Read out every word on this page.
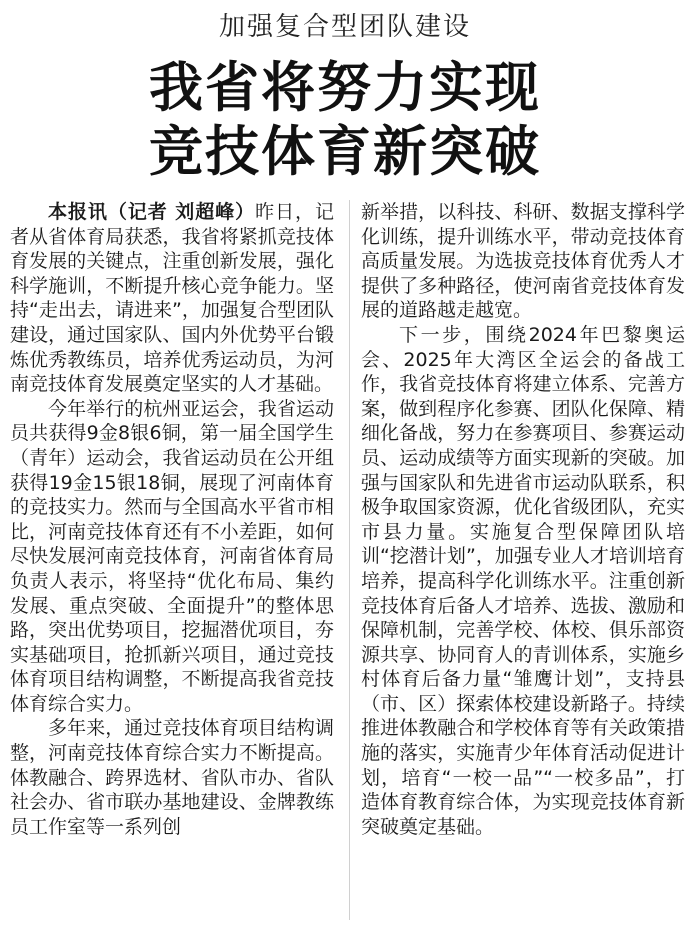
加强复合型团队建设
我省将努力实现
竞技体育新突破

本报讯（记者 刘超峰）昨日，记者从省体育局获悉，我省将紧抓竞技体育发展的关键点，注重创新发展，强化科学施训，不断提升核心竞争能力。坚持“走出去，请进来”，加强复合型团队建设，通过国家队、国内外优势平台锻炼优秀教练员，培养优秀运动员，为河南竞技体育发展奠定坚实的人才基础。

今年举行的杭州亚运会，我省运动员共获得9金8银6铜，第一届全国学生（青年）运动会，我省运动员在公开组获得19金15银18铜，展现了河南体育的竞技实力。然而与全国高水平省市相比，河南竞技体育还有不小差距，如何尽快发展河南竞技体育，河南省体育局负责人表示，将坚持“优化布局、集约发展、重点突破、全面提升”的整体思路，突出优势项目，挖掘潜优项目，夯实基础项目，抢抓新兴项目，通过竞技体育项目结构调整，不断提高我省竞技体育综合实力。

多年来，通过竞技体育项目结构调整，河南竞技体育综合实力不断提高。体教融合、跨界选材、省队市办、省队社会办、省市联办基地建设、金牌教练员工作室等一系列创

新举措，以科技、科研、数据支撑科学化训练，提升训练水平，带动竞技体育高质量发展。为选拔竞技体育优秀人才提供了多种路径，使河南省竞技体育发展的道路越走越宽。

下一步，围绕2024年巴黎奥运会、2025年大湾区全运会的备战工作，我省竞技体育将建立体系、完善方案，做到程序化参赛、团队化保障、精细化备战，努力在参赛项目、参赛运动员、运动成绩等方面实现新的突破。加强与国家队和先进省市运动队联系，积极争取国家资源，优化省级团队，充实市县力量。实施复合型保障团队培训“挖潜计划”，加强专业人才培训培育培养，提高科学化训练水平。注重创新竞技体育后备人才培养、选拔、激励和保障机制，完善学校、体校、俱乐部资源共享、协同育人的青训体系，实施乡村体育后备力量“雏鹰计划”，支持县（市、区）探索体校建设新路子。持续推进体教融合和学校体育等有关政策措施的落实，实施青少年体育活动促进计划，培育“一校一品”“一校多品”，打造体育教育综合体，为实现竞技体育新突破奠定基础。
